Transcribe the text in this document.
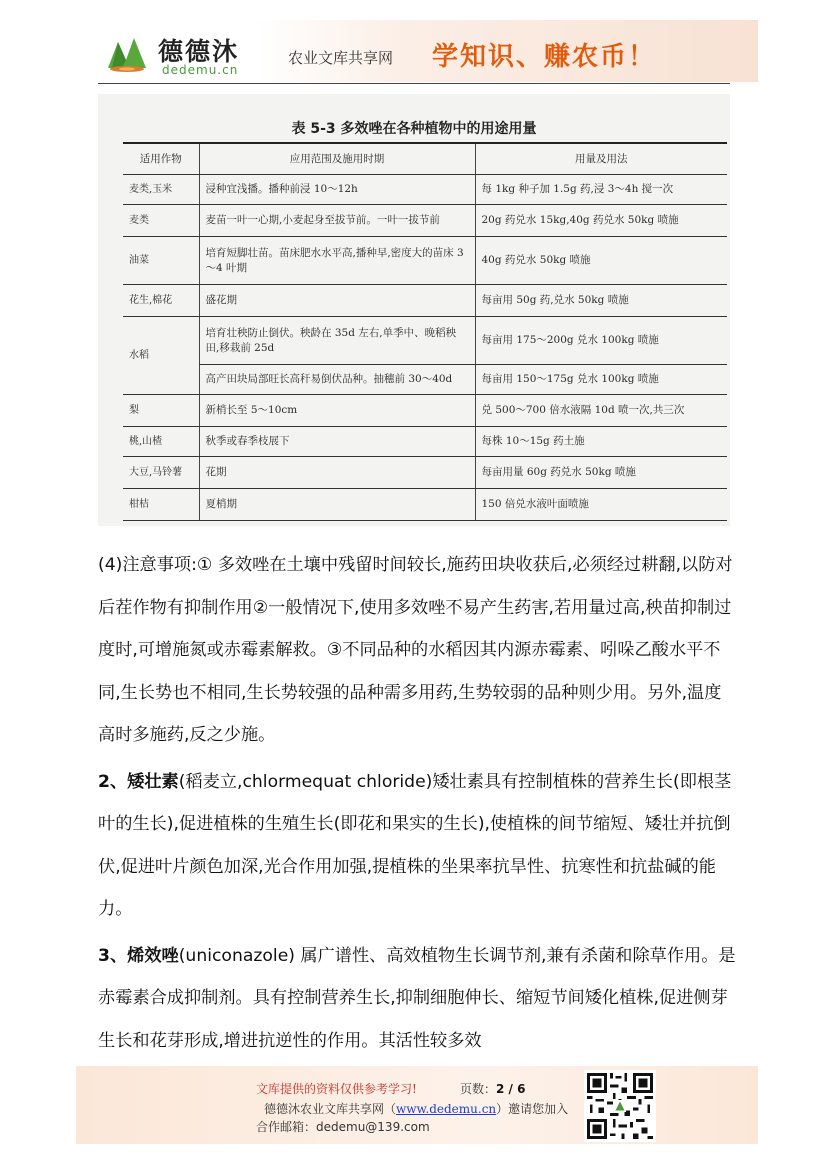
德德沐
dedemu.cn
农业文库共享网 学知识、赚农币！
表 5-3 多效唑在各种植物中的用途用量
适用作物	应用范围及施用时期	用量及用法
麦类,玉米	浸种宜浅播。播种前浸 10～12h	每 1kg 种子加 1.5g 药,浸 3～4h 搅一次
麦类	麦苗一叶一心期,小麦起身至拔节前。一叶一拔节前	20g 药兑水 15kg,40g 药兑水 50kg 喷施
油菜	培育短脚壮苗。苗床肥水水平高,播种早,密度大的苗床 3～4 叶期	40g 药兑水 50kg 喷施
花生,棉花	盛花期	每亩用 50g 药,兑水 50kg 喷施
水稻	培育壮秧防止倒伏。秧龄在 35d 左右,单季中、晚稻秧田,移栽前 25d	每亩用 175～200g 兑水 100kg 喷施
	高产田块局部旺长高秆易倒伏品种。抽穗前 30～40d	每亩用 150～175g 兑水 100kg 喷施
梨	新梢长至 5～10cm	兑 500～700 倍水液隔 10d 喷一次,共三次
桃,山楂	秋季或春季枝展下	每株 10～15g 药土施
大豆,马铃薯	花期	每亩用量 60g 药兑水 50kg 喷施
柑桔	夏梢期	150 倍兑水液叶面喷施

(4)注意事项:① 多效唑在土壤中残留时间较长,施药田块收获后,必须经过耕翻,以防对后茬作物有抑制作用②一般情况下,使用多效唑不易产生药害,若用量过高,秧苗抑制过度时,可增施氮或赤霉素解救。③不同品种的水稻因其内源赤霉素、吲哚乙酸水平不同,生长势也不相同,生长势较强的品种需多用药,生势较弱的品种则少用。另外,温度高时多施药,反之少施。

2、矮壮素(稻麦立,chlormequat chloride)矮壮素具有控制植株的营养生长(即根茎叶的生长),促进植株的生殖生长(即花和果实的生长),使植株的间节缩短、矮壮并抗倒伏,促进叶片颜色加深,光合作用加强,提植株的坐果率抗旱性、抗寒性和抗盐碱的能力。

3、烯效唑(uniconazole) 属广谱性、高效植物生长调节剂,兼有杀菌和除草作用。是赤霉素合成抑制剂。具有控制营养生长,抑制细胞伸长、缩短节间矮化植株,促进侧芽生长和花芽形成,增进抗逆性的作用。其活性较多效

文库提供的资料仅供参考学习!	页数：2 / 6
德德沐农业文库共享网（www.dedemu.cn）邀请您加入
合作邮箱：dedemu@139.com
